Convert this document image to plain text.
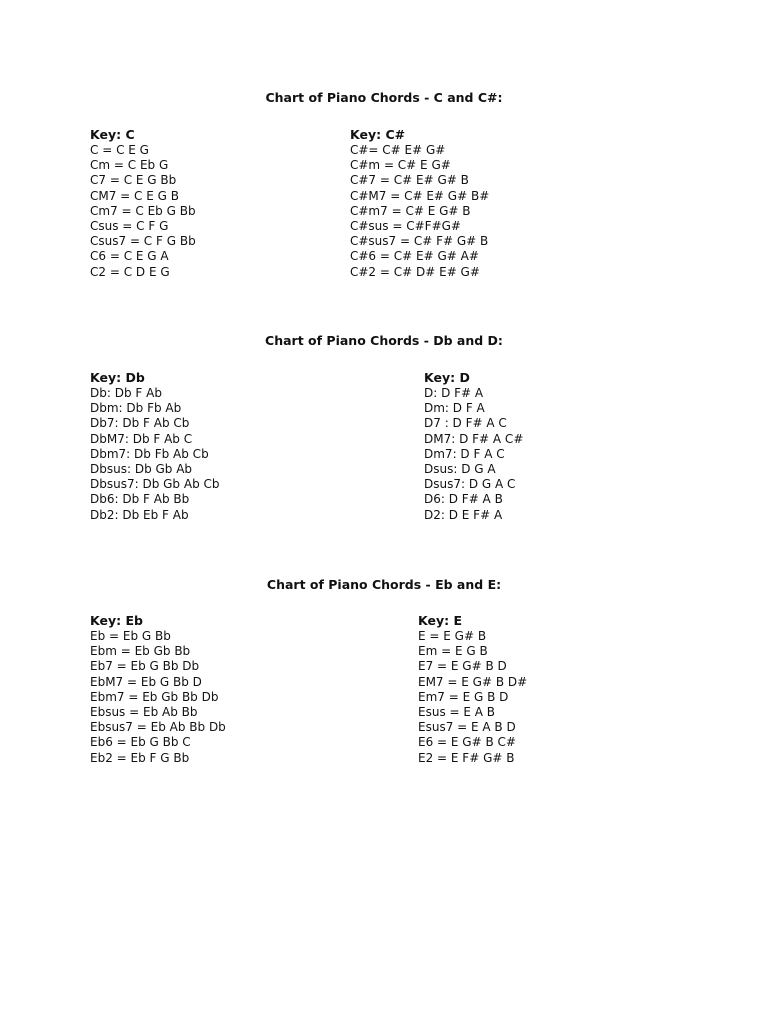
Chart of Piano Chords - C and C#:
Key: C
C = C E G
Cm = C Eb G
C7 = C E G Bb
CM7 = C E G B
Cm7 = C Eb G Bb
Csus = C F G
Csus7 = C F G Bb
C6 = C E G A
C2 = C D E G
Key: C#
C#= C# E# G#
C#m = C# E G#
C#7 = C# E# G# B
C#M7 = C# E# G# B#
C#m7 = C# E G# B
C#sus = C#F#G#
C#sus7 = C# F# G# B
C#6 = C# E# G# A#
C#2 = C# D# E# G#
Chart of Piano Chords - Db and D:
Key: Db
Db: Db F Ab
Dbm: Db Fb Ab
Db7: Db F Ab Cb
DbM7: Db F Ab C
Dbm7: Db Fb Ab Cb
Dbsus: Db Gb Ab
Dbsus7: Db Gb Ab Cb
Db6: Db F Ab Bb
Db2: Db Eb F Ab
Key: D
D: D F# A
Dm: D F A
D7 : D F# A C
DM7: D F# A C#
Dm7: D F A C
Dsus: D G A
Dsus7: D G A C
D6: D F# A B
D2: D E F# A
Chart of Piano Chords - Eb and E:
Key: Eb
Eb = Eb G Bb
Ebm = Eb Gb Bb
Eb7 = Eb G Bb Db
EbM7 = Eb G Bb D
Ebm7 = Eb Gb Bb Db
Ebsus = Eb Ab Bb
Ebsus7 = Eb Ab Bb Db
Eb6 = Eb G Bb C
Eb2 = Eb F G Bb
Key: E
E = E G# B
Em = E G B
E7 = E G# B D
EM7 = E G# B D#
Em7 = E G B D
Esus = E A B
Esus7 = E A B D
E6 = E G# B C#
E2 = E F# G# B
